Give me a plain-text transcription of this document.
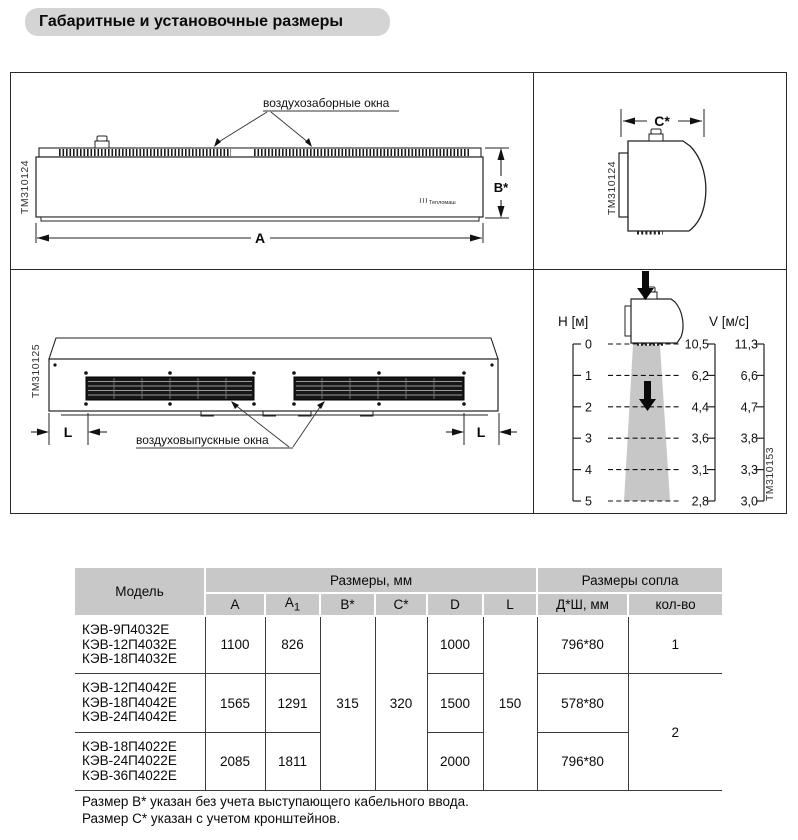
Габаритные и установочные размеры
ТМ310124	Тепломаш
воздухозаборные окна
A
B*	ТМ310124
C*
ТМ310125
L	L
воздуховыпускные окна
Н [м]	V [м/с]
0
1
2
3
4
5
10,5
6,2
4,4
3,6
3,1
2,8
11,3
6,6
4,7
3,8
3,3
3,0
ТМ310153
Модель	Размеры, мм						Размеры сопла	
	A	$A_1$	B*	C*	D	L	Д*Ш, мм	кол-во

КЭВ-9П4032Е
КЭВ-12П4032Е
КЭВ-18П4032Е	1100	826	315	320	1000	150	796*80	1

КЭВ-12П4042Е
КЭВ-18П4042Е
КЭВ-24П4042Е	1565	1291			1500		578*80	2

КЭВ-18П4022Е
КЭВ-24П4022Е
КЭВ-36П4022Е	2085	1811			2000		796*80	
Размер В* указан без учета выступающего кабельного ввода.
Размер С* указан с учетом кронштейнов.
